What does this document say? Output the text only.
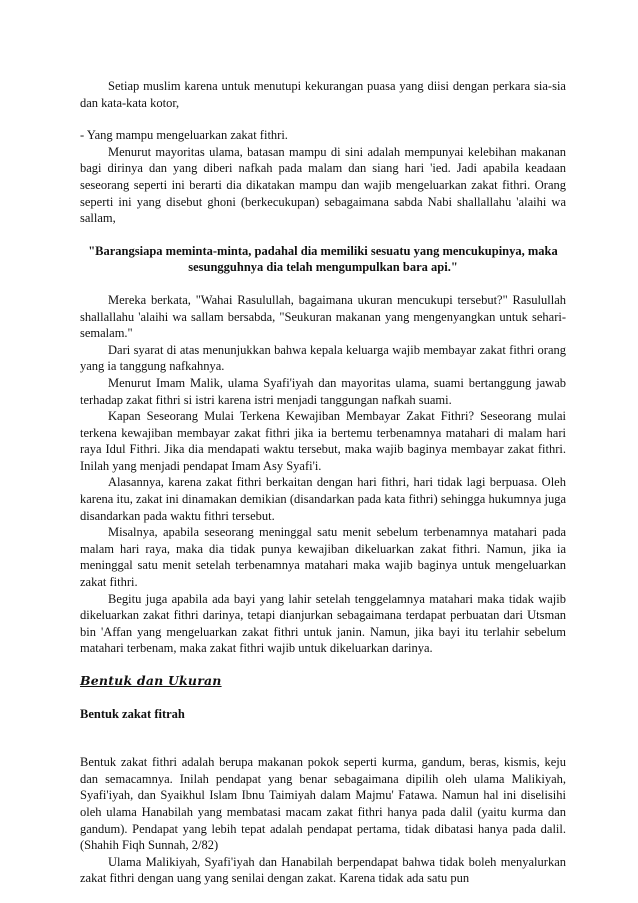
Setiap muslim karena untuk menutupi kekurangan puasa yang diisi dengan perkara sia-sia dan kata-kata kotor,

- Yang mampu mengeluarkan zakat fithri.

Menurut mayoritas ulama, batasan mampu di sini adalah mempunyai kelebihan makanan bagi dirinya dan yang diberi nafkah pada malam dan siang hari 'ied. Jadi apabila keadaan seseorang seperti ini berarti dia dikatakan mampu dan wajib mengeluarkan zakat fithri. Orang seperti ini yang disebut ghoni (berkecukupan) sebagaimana sabda Nabi shallallahu 'alaihi wa sallam,

"Barangsiapa meminta-minta, padahal dia memiliki sesuatu yang mencukupinya, maka sesungguhnya dia telah mengumpulkan bara api."

Mereka berkata, "Wahai Rasulullah, bagaimana ukuran mencukupi tersebut?" Rasulullah shallallahu 'alaihi wa sallam bersabda, "Seukuran makanan yang mengenyangkan untuk sehari- semalam."

Dari syarat di atas menunjukkan bahwa kepala keluarga wajib membayar zakat fithri orang yang ia tanggung nafkahnya.

Menurut Imam Malik, ulama Syafi'iyah dan mayoritas ulama, suami bertanggung jawab terhadap zakat fithri si istri karena istri menjadi tanggungan nafkah suami.

Kapan Seseorang Mulai Terkena Kewajiban Membayar Zakat Fithri? Seseorang mulai terkena kewajiban membayar zakat fithri jika ia bertemu terbenamnya matahari di malam hari raya Idul Fithri. Jika dia mendapati waktu tersebut, maka wajib baginya membayar zakat fithri. Inilah yang menjadi pendapat Imam Asy Syafi'i.

Alasannya, karena zakat fithri berkaitan dengan hari fithri, hari tidak lagi berpuasa. Oleh karena itu, zakat ini dinamakan demikian (disandarkan pada kata fithri) sehingga hukumnya juga disandarkan pada waktu fithri tersebut.

Misalnya, apabila seseorang meninggal satu menit sebelum terbenamnya matahari pada malam hari raya, maka dia tidak punya kewajiban dikeluarkan zakat fithri. Namun, jika ia meninggal satu menit setelah terbenamnya matahari maka wajib baginya untuk mengeluarkan zakat fithri.

Begitu juga apabila ada bayi yang lahir setelah tenggelamnya matahari maka tidak wajib dikeluarkan zakat fithri darinya, tetapi dianjurkan sebagaimana terdapat perbuatan dari Utsman bin 'Affan yang mengeluarkan zakat fithri untuk janin. Namun, jika bayi itu terlahir sebelum matahari terbenam, maka zakat fithri wajib untuk dikeluarkan darinya.

Bentuk dan Ukuran

Bentuk zakat fitrah

Bentuk zakat fithri adalah berupa makanan pokok seperti kurma, gandum, beras, kismis, keju dan semacamnya. Inilah pendapat yang benar sebagaimana dipilih oleh ulama Malikiyah, Syafi'iyah, dan Syaikhul Islam Ibnu Taimiyah dalam Majmu' Fatawa. Namun hal ini diselisihi oleh ulama Hanabilah yang membatasi macam zakat fithri hanya pada dalil (yaitu kurma dan gandum). Pendapat yang lebih tepat adalah pendapat pertama, tidak dibatasi hanya pada dalil.(Shahih Fiqh Sunnah, 2/82)

Ulama Malikiyah, Syafi'iyah dan Hanabilah berpendapat bahwa tidak boleh menyalurkan zakat fithri dengan uang yang senilai dengan zakat. Karena tidak ada satu pun
